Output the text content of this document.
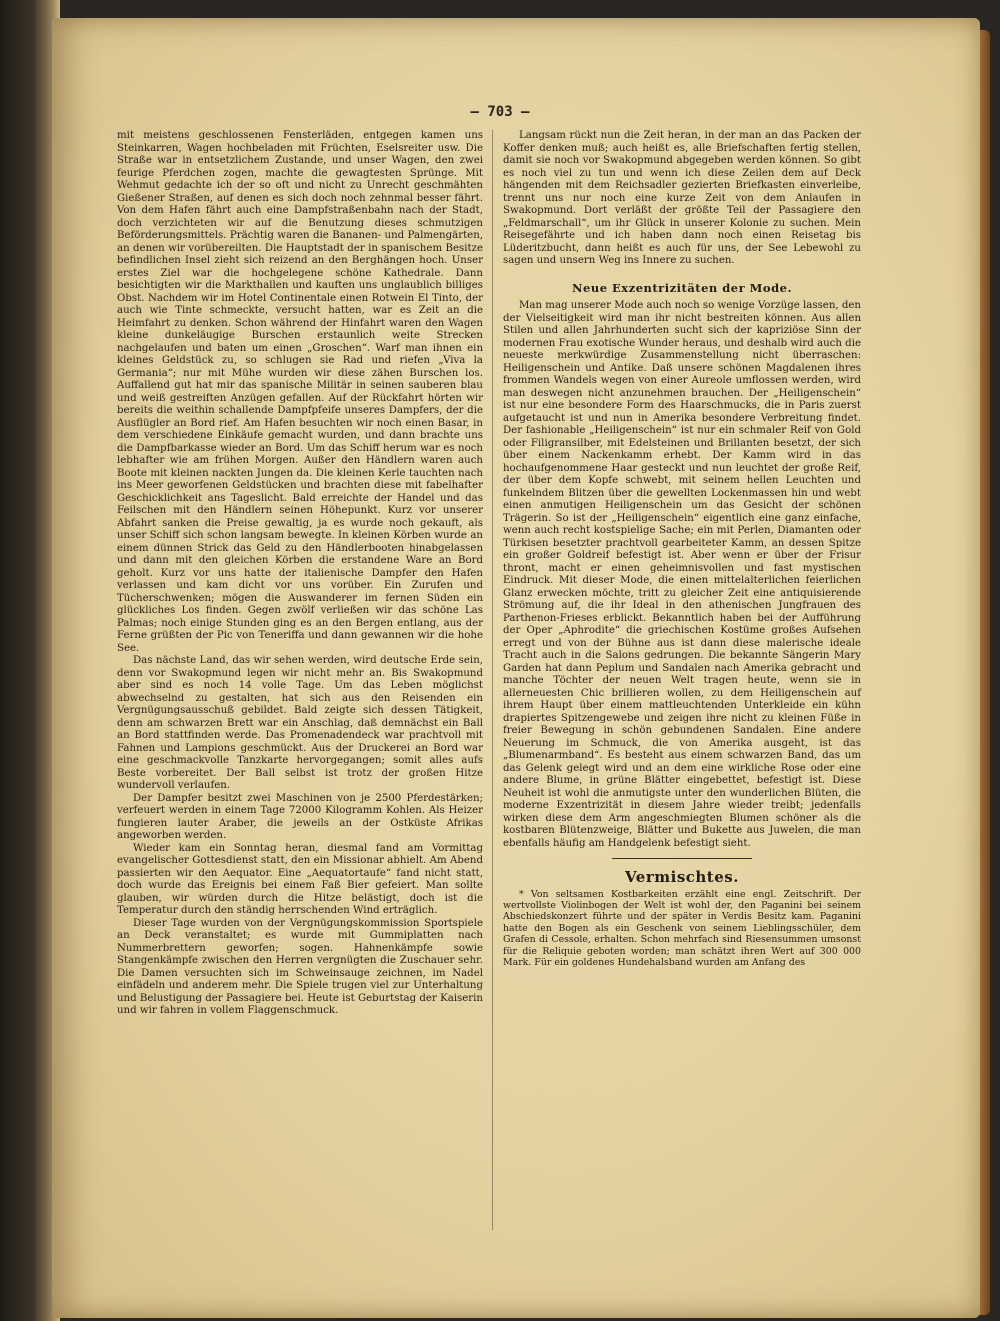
— 703 —

mit meistens geschlossenen Fensterläden, entgegen kamen uns Steinkarren, Wagen hochbeladen mit Früchten, Eselsreiter usw. Die Straße war in entsetzlichem Zustande, und unser Wagen, den zwei feurige Pferdchen zogen, machte die gewagtesten Sprünge. Mit Wehmut gedachte ich der so oft und nicht zu Unrecht geschmähten Gießener Straßen, auf denen es sich doch noch zehnmal besser fährt. Von dem Hafen fährt auch eine Dampfstraßenbahn nach der Stadt, doch verzichteten wir auf die Benutzung dieses schmutzigen Beförderungsmittels. Prächtig waren die Bananen- und Palmengärten, an denen wir vorübereilten. Die Hauptstadt der in spanischem Besitze befindlichen Insel zieht sich reizend an den Berghängen hoch. Unser erstes Ziel war die hochgelegene schöne Kathedrale. Dann besichtigten wir die Markthallen und kauften uns unglaublich billiges Obst. Nachdem wir im Hotel Continentale einen Rotwein El Tinto, der auch wie Tinte schmeckte, versucht hatten, war es Zeit an die Heimfahrt zu denken. Schon während der Hinfahrt waren den Wagen kleine dunkeläugige Burschen erstaunlich weite Strecken nachgelaufen und baten um einen „Groschen“. Warf man ihnen ein kleines Geldstück zu, so schlugen sie Rad und riefen „Viva la Germania“; nur mit Mühe wurden wir diese zähen Burschen los. Auffallend gut hat mir das spanische Militär in seinen sauberen blau und weiß gestreiften Anzügen gefallen. Auf der Rückfahrt hörten wir bereits die weithin schallende Dampfpfeife unseres Dampfers, der die Ausflügler an Bord rief. Am Hafen besuchten wir noch einen Basar, in dem verschiedene Einkäufe gemacht wurden, und dann brachte uns die Dampfbarkasse wieder an Bord. Um das Schiff herum war es noch lebhafter wie am frühen Morgen. Außer den Händlern waren auch Boote mit kleinen nackten Jungen da. Die kleinen Kerle tauchten nach ins Meer geworfenen Geldstücken und brachten diese mit fabelhafter Geschicklichkeit ans Tageslicht. Bald erreichte der Handel und das Feilschen mit den Händlern seinen Höhepunkt. Kurz vor unserer Abfahrt sanken die Preise gewaltig, ja es wurde noch gekauft, als unser Schiff sich schon langsam bewegte. In kleinen Körben wurde an einem dünnen Strick das Geld zu den Händlerbooten hinabgelassen und dann mit den gleichen Körben die erstandene Ware an Bord geholt. Kurz vor uns hatte der italienische Dampfer den Hafen verlassen und kam dicht vor uns vorüber. Ein Zurufen und Tücherschwenken; mögen die Auswanderer im fernen Süden ein glückliches Los finden. Gegen zwölf verließen wir das schöne Las Palmas; noch einige Stunden ging es an den Bergen entlang, aus der Ferne grüßten der Pic von Teneriffa und dann gewannen wir die hohe See.

Das nächste Land, das wir sehen werden, wird deutsche Erde sein, denn vor Swakopmund legen wir nicht mehr an. Bis Swakopmund aber sind es noch 14 volle Tage. Um das Leben möglichst abwechselnd zu gestalten, hat sich aus den Reisenden ein Vergnügungsausschuß gebildet. Bald zeigte sich dessen Tätigkeit, denn am schwarzen Brett war ein Anschlag, daß demnächst ein Ball an Bord stattfinden werde. Das Promenadendeck war prachtvoll mit Fahnen und Lampions geschmückt. Aus der Druckerei an Bord war eine geschmackvolle Tanzkarte hervorgegangen; somit alles aufs Beste vorbereitet. Der Ball selbst ist trotz der großen Hitze wundervoll verlaufen.

Der Dampfer besitzt zwei Maschinen von je 2500 Pferdestärken; verfeuert werden in einem Tage 72000 Kilogramm Kohlen. Als Heizer fungieren lauter Araber, die jeweils an der Ostküste Afrikas angeworben werden.

Wieder kam ein Sonntag heran, diesmal fand am Vormittag evangelischer Gottesdienst statt, den ein Missionar abhielt. Am Abend passierten wir den Aequator. Eine „Aequatortaufe“ fand nicht statt, doch wurde das Ereignis bei einem Faß Bier gefeiert. Man sollte glauben, wir würden durch die Hitze belästigt, doch ist die Temperatur durch den ständig herrschenden Wind erträglich.

Dieser Tage wurden von der Vergnügungskommission Sportspiele an Deck veranstaltet; es wurde mit Gummiplatten nach Nummerbrettern geworfen; sogen. Hahnenkämpfe sowie Stangenkämpfe zwischen den Herren vergnügten die Zuschauer sehr. Die Damen versuchten sich im Schweinsauge zeichnen, im Nadel einfädeln und anderem mehr. Die Spiele trugen viel zur Unterhaltung und Belustigung der Passagiere bei. Heute ist Geburtstag der Kaiserin und wir fahren in vollem Flaggenschmuck.

Langsam rückt nun die Zeit heran, in der man an das Packen der Koffer denken muß; auch heißt es, alle Briefschaften fertig stellen, damit sie noch vor Swakopmund abgegeben werden können. So gibt es noch viel zu tun und wenn ich diese Zeilen dem auf Deck hängenden mit dem Reichsadler gezierten Briefkasten einverleibe, trennt uns nur noch eine kurze Zeit von dem Anlaufen in Swakopmund. Dort verläßt der größte Teil der Passagiere den „Feldmarschall“, um ihr Glück in unserer Kolonie zu suchen. Mein Reisegefährte und ich haben dann noch einen Reisetag bis Lüderitzbucht, dann heißt es auch für uns, der See Lebewohl zu sagen und unsern Weg ins Innere zu suchen.

Neue Exzentrizitäten der Mode.

Man mag unserer Mode auch noch so wenige Vorzüge lassen, den der Vielseitigkeit wird man ihr nicht bestreiten können. Aus allen Stilen und allen Jahrhunderten sucht sich der kapriziöse Sinn der modernen Frau exotische Wunder heraus, und deshalb wird auch die neueste merkwürdige Zusammenstellung nicht überraschen: Heiligenschein und Antike. Daß unsere schönen Magdalenen ihres frommen Wandels wegen von einer Aureole umflossen werden, wird man deswegen nicht anzunehmen brauchen. Der „Heiligenschein“ ist nur eine besondere Form des Haarschmucks, die in Paris zuerst aufgetaucht ist und nun in Amerika besondere Verbreitung findet. Der fashionable „Heiligenschein“ ist nur ein schmaler Reif von Gold oder Filigransilber, mit Edelsteinen und Brillanten besetzt, der sich über einem Nackenkamm erhebt. Der Kamm wird in das hochaufgenommene Haar gesteckt und nun leuchtet der große Reif, der über dem Kopfe schwebt, mit seinem hellen Leuchten und funkelndem Blitzen über die gewellten Lockenmassen hin und webt einen anmutigen Heiligenschein um das Gesicht der schönen Trägerin. So ist der „Heiligenschein“ eigentlich eine ganz einfache, wenn auch recht kostspielige Sache; ein mit Perlen, Diamanten oder Türkisen besetzter prachtvoll gearbeiteter Kamm, an dessen Spitze ein großer Goldreif befestigt ist. Aber wenn er über der Frisur thront, macht er einen geheimnisvollen und fast mystischen Eindruck. Mit dieser Mode, die einen mittelalterlichen feierlichen Glanz erwecken möchte, tritt zu gleicher Zeit eine antiquisierende Strömung auf, die ihr Ideal in den athenischen Jungfrauen des Parthenon-Frieses erblickt. Bekanntlich haben bei der Aufführung der Oper „Aphrodite“ die griechischen Kostüme großes Aufsehen erregt und von der Bühne aus ist dann diese malerische ideale Tracht auch in die Salons gedrungen. Die bekannte Sängerin Mary Garden hat dann Peplum und Sandalen nach Amerika gebracht und manche Töchter der neuen Welt tragen heute, wenn sie in allerneuesten Chic brillieren wollen, zu dem Heiligenschein auf ihrem Haupt über einem mattleuchtenden Unterkleide ein kühn drapiertes Spitzengewebe und zeigen ihre nicht zu kleinen Füße in freier Bewegung in schön gebundenen Sandalen. Eine andere Neuerung im Schmuck, die von Amerika ausgeht, ist das „Blumenarmband“. Es besteht aus einem schwarzen Band, das um das Gelenk gelegt wird und an dem eine wirkliche Rose oder eine andere Blume, in grüne Blätter eingebettet, befestigt ist. Diese Neuheit ist wohl die anmutigste unter den wunderlichen Blüten, die moderne Exzentrizität in diesem Jahre wieder treibt; jedenfalls wirken diese dem Arm angeschmiegten Blumen schöner als die kostbaren Blütenzweige, Blätter und Bukette aus Juwelen, die man ebenfalls häufig am Handgelenk befestigt sieht.

Vermischtes.

* Von seltsamen Kostbarkeiten erzählt eine engl. Zeitschrift. Der wertvollste Violinbogen der Welt ist wohl der, den Paganini bei seinem Abschiedskonzert führte und der später in Verdis Besitz kam. Paganini hatte den Bogen als ein Geschenk von seinem Lieblingsschüler, dem Grafen di Cessole, erhalten. Schon mehrfach sind Riesensummen umsonst für die Reliquie geboten worden; man schätzt ihren Wert auf 300 000 Mark. Für ein goldenes Hundehalsband wurden am Anfang des
